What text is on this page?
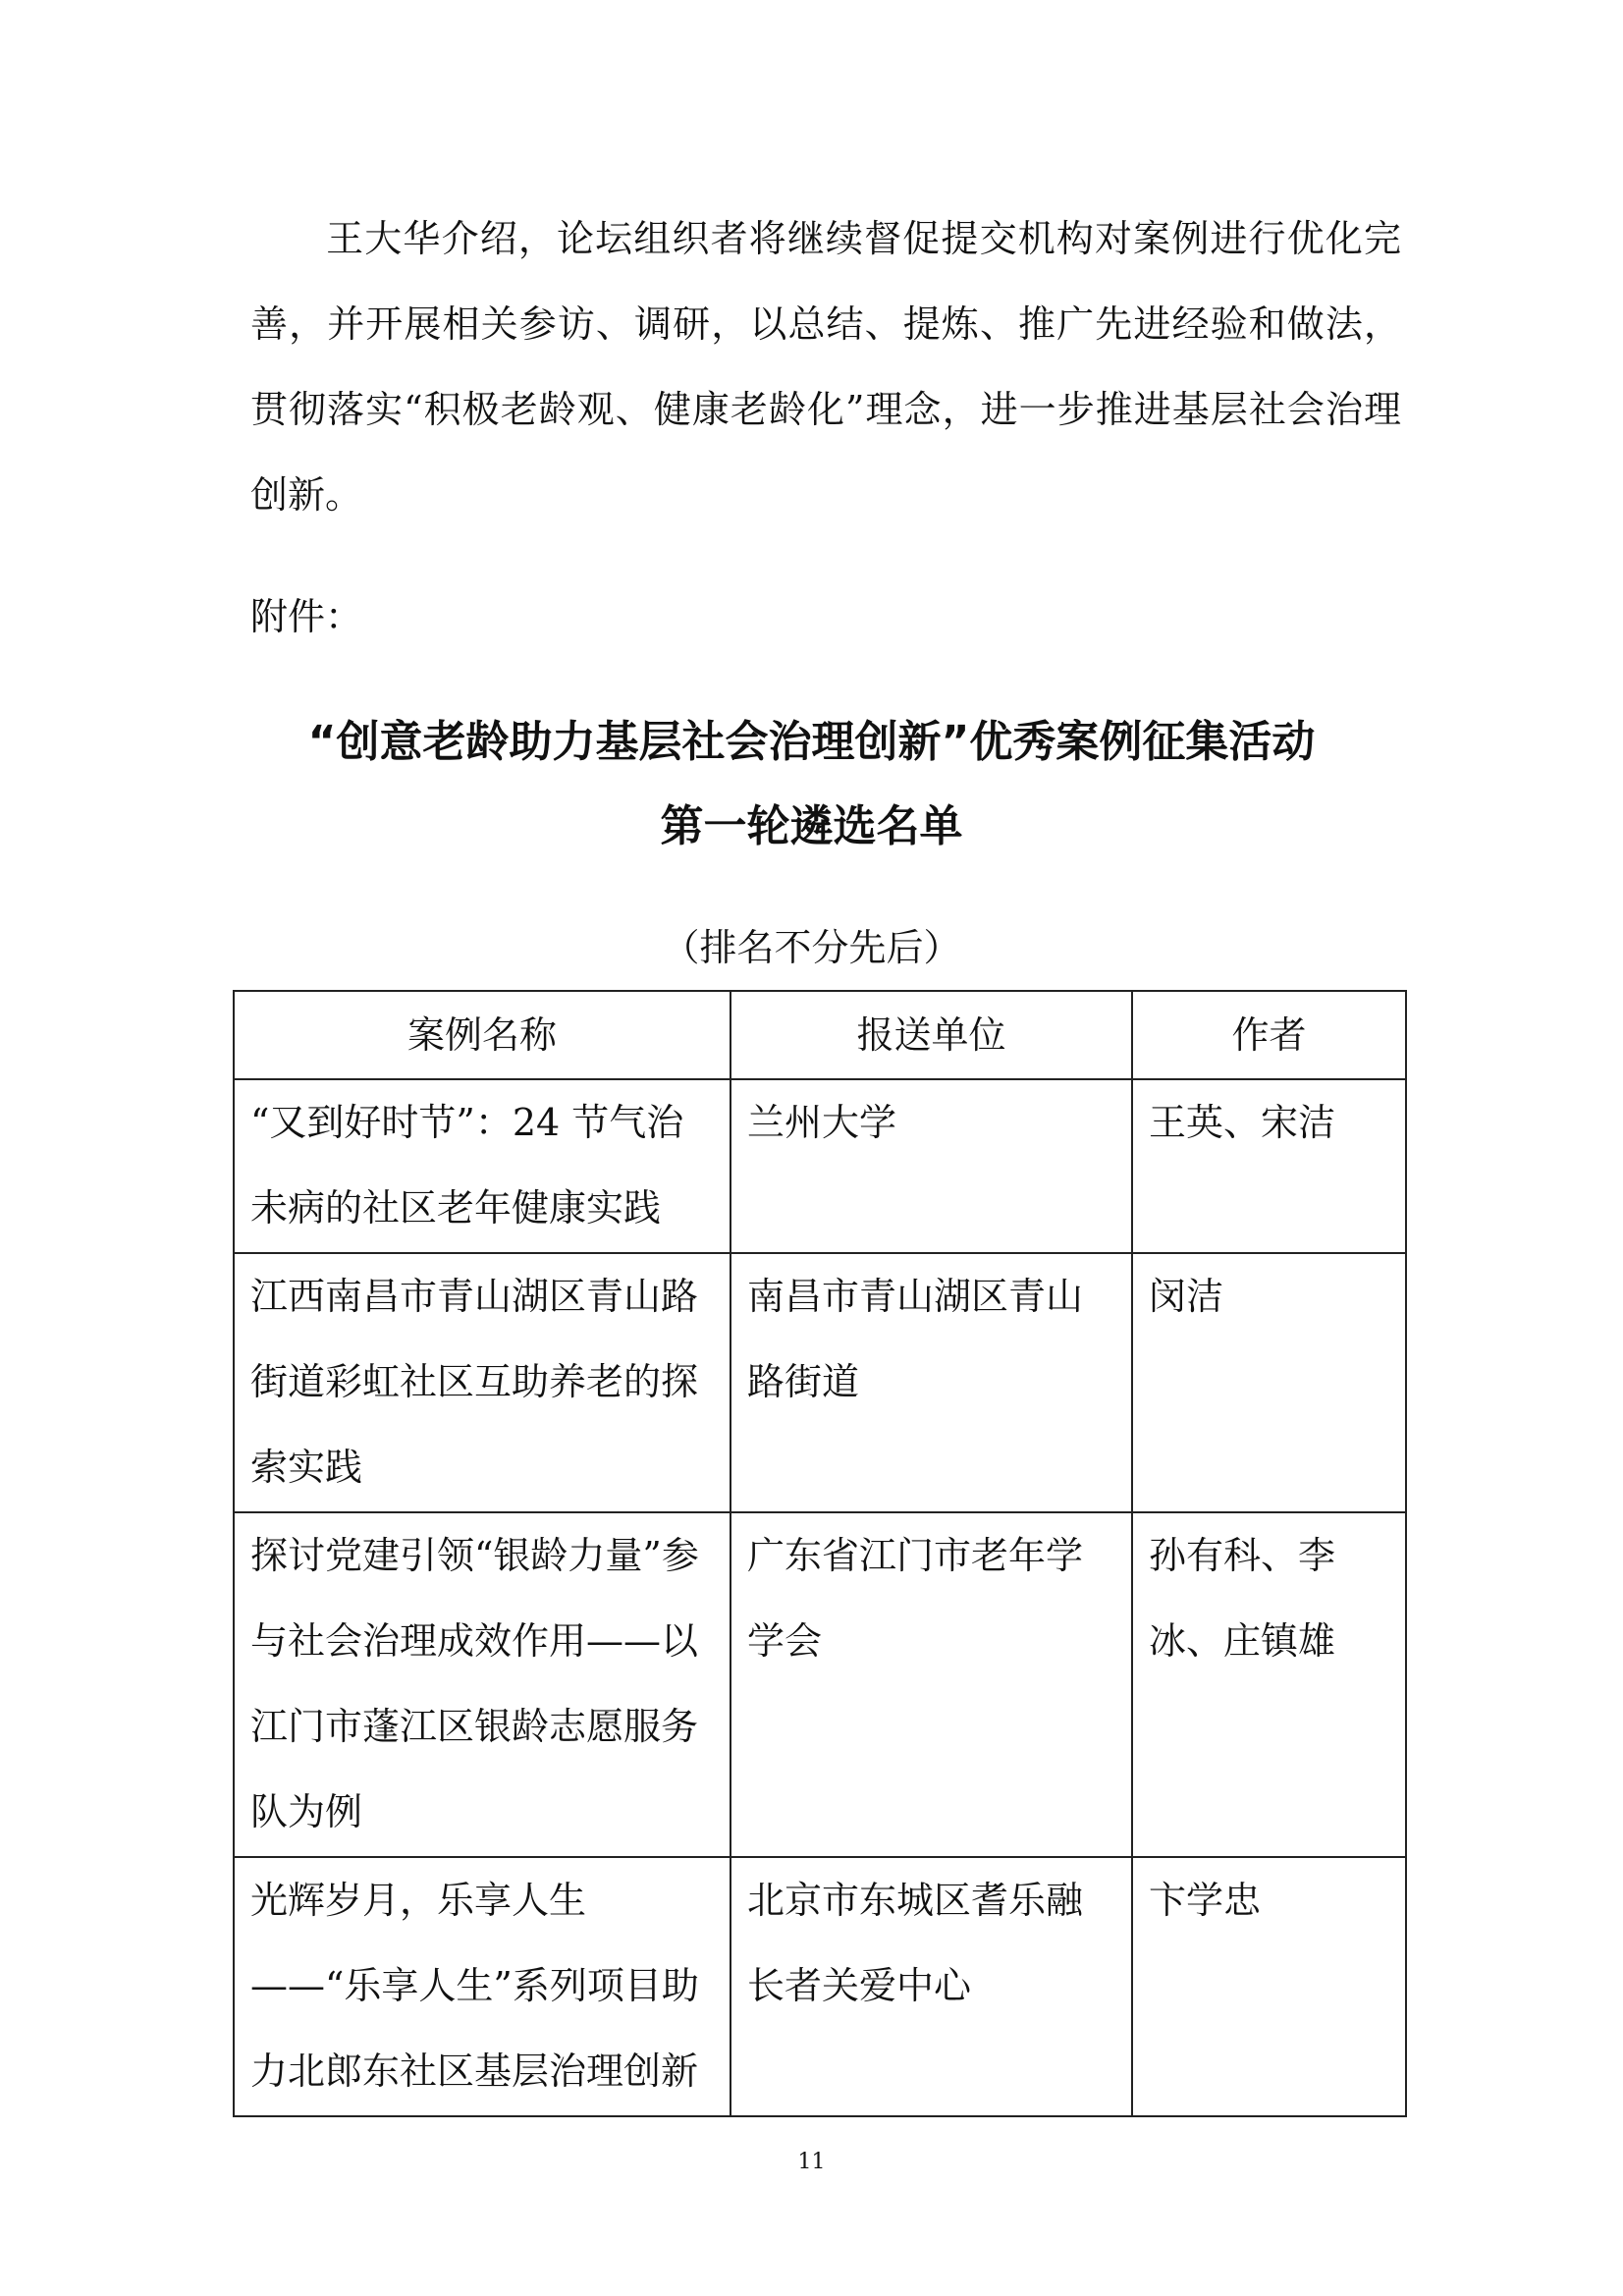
王大华介绍，论坛组织者将继续督促提交机构对案例进行优化完善，并开展相关参访、调研，以总结、提炼、推广先进经验和做法，贯彻落实“积极老龄观、健康老龄化”理念，进一步推进基层社会治理创新。

附件：
“创意老龄助力基层社会治理创新”优秀案例征集活动
第一轮遴选名单
（排名不分先后）
案例名称	报送单位	作者
“又到好时节”：24 节气治未病的社区老年健康实践	兰州大学	王英、宋洁
江西南昌市青山湖区青山路街道彩虹社区互助养老的探索实践	南昌市青山湖区青山路街道	闵洁
探讨党建引领“银龄力量”参与社会治理成效作用——以江门市蓬江区银龄志愿服务队为例	广东省江门市老年学学会	孙有科、李冰、庄镇雄
光辉岁月，乐享人生——“乐享人生”系列项目助力北郎东社区基层治理创新	北京市东城区耆乐融长者关爱中心	卞学忠
11
